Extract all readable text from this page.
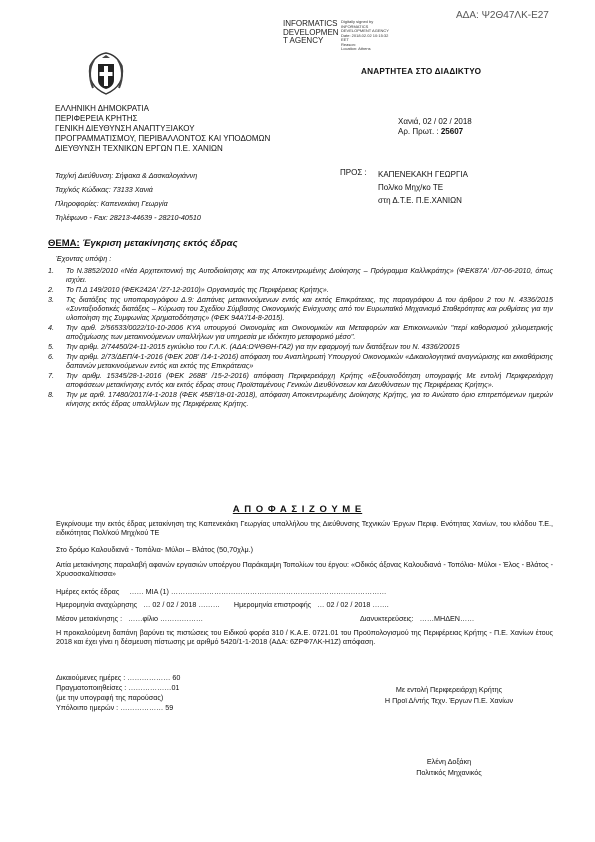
ΑΔΑ: Ψ2Θ47ΛΚ-Ε27
INFORMATICS
DEVELOPMEN
T AGENCY
Digitally signed by
INFORMATICS
DEVELOPMENT AGENCY
Date: 2018.02.02 10:15:32
EET
Reason:
Location: Athens
ΑΝΑΡΤΗΤΕΑ ΣΤΟ ΔΙΑΔΙΚΤΥΟ
ΕΛΛΗΝΙΚΗ ΔΗΜΟΚΡΑΤΙΑ
ΠΕΡΙΦΕΡΕΙΑ ΚΡΗΤΗΣ
ΓΕΝΙΚΗ ΔΙΕΥΘΥΝΣΗ ΑΝΑΠΤΥΞΙΑΚΟΥ
ΠΡΟΓΡΑΜΜΑΤΙΣΜΟΥ, ΠΕΡΙΒΑΛΛΟΝΤΟΣ ΚΑΙ ΥΠΟΔΟΜΩΝ
ΔΙΕΥΘΥΝΣΗ ΤΕΧΝΙΚΩΝ ΕΡΓΩΝ Π.Ε. ΧΑΝΙΩΝ
Χανιά, 02 / 02 / 2018
Αρ. Πρωτ. : 25607
Ταχ/κή Διεύθυνση: Σήφακα & Δασκαλογιάννη
Ταχ/κός Κώδικας: 73133 Χανιά
Πληροφορίες: Καπενεκάκη Γεωργία
Τηλέφωνο - Fax: 28213-44639 - 28210-40510
ΠΡΟΣ : ΚΑΠΕΝΕΚΑΚΗ ΓΕΩΡΓΙΑ
Πολ/κο Μηχ/κο ΤΕ
στη Δ.Τ.Ε. Π.Ε.ΧΑΝΙΩΝ
ΘΕΜΑ: Έγκριση μετακίνησης εκτός έδρας
Έχοντας υπόψη :
1.	Το Ν.3852/2010 «Νέα Αρχιτεκτονική της Αυτοδιοίκησης και της Αποκεντρωμένης Διοίκησης – Πρόγραμμα Καλλικράτης» (ΦΕΚ87Α' /07-06-2010, όπως ισχύει.
2.	Το Π.Δ 149/2010 (ΦΕΚ242Α' /27-12-2010)» Οργανισμός της Περιφέρειας Κρήτης».
3.	Τις διατάξεις της υποπαραγράφου Δ.9: Δαπάνες μετακινούμενων εντός και εκτός Επικράτειας, της παραγράφου Δ του άρθρου 2 του Ν. 4336/2015 «Συνταξιοδοτικές διατάξεις – Κύρωση του Σχεδίου Σύμβασης Οικονομικής Ενίσχυσης από τον Ευρωπαϊκό Μηχανισμό Σταθερότητας και ρυθμίσεις για την υλοποίηση της Συμφωνίας Χρηματοδότησης» (ΦΕΚ 94Α'/14-8-2015).
4.	Την αριθ. 2/56533/0022/10-10-2006 ΚΥΑ υπουργού Οικονομίας και Οικονομικών και Μεταφορών και Επικοινωνιών "περί καθορισμού χιλιομετρικής αποζημίωσης των μετακινούμενων υπαλλήλων για υπηρεσία με ιδιόκτητο μεταφορικό μέσο".
5.	Την αριθμ. 2/74450/24-11-2015 εγκύκλιο του Γ.Λ.Κ. (ΑΔΑ:ΩΨΘΘΗ-ΓΑ2) για την εφαρμογή των διατάξεων του Ν. 4336/20015
6.	Την αριθμ. 2/73/ΔΕΠ/4-1-2016 (ΦΕΚ 20Β' /14-1-2016) απόφαση του Αναπληρωτή Υπουργού Οικονομικών «Δικαιολογητικά αναγνώρισης και εκκαθάρισης δαπανών μετακινούμενων εντός και εκτός της Επικράτειας»
7.	Την αριθμ. 15345/28-1-2016 (ΦΕΚ 268Β' /15-2-2016) απόφαση Περιφερειάρχη Κρήτης «Εξουσιοδότηση υπογραφής Με εντολή Περιφερειάρχη αποφάσεων μετακίνησης εντός και εκτός έδρας στους Προϊσταμένους Γενικών Διευθύνσεων και Διευθύνσεων της Περιφέρειας Κρήτης».
8.	Την με αριθ. 17480/2017/4-1-2018 (ΦΕΚ 45Β'/18-01-2018), απόφαση Αποκεντρωμένης Διοίκησης Κρήτης, για το Ανώτατο όριο επιτρεπόμενων ημερών κίνησης εκτός έδρας υπαλλήλων της Περιφέρειας Κρήτης.
Α Π Ο Φ Α Σ Ι Ζ Ο Υ Μ Ε
Εγκρίνουμε την εκτός έδρας μετακίνηση της Καπενεκάκη Γεωργίας υπαλλήλου της Διεύθυνσης Τεχνικών Έργων Περιφ. Ενότητας Χανίων, του κλάδου Τ.Ε., ειδικότητας Πολ/κού Μηχ/κού ΤΕ
Στο δρόμο Καλουδιανά - Τοπόλια- Μύλοι – Βλάτος (50,70χλμ.)
Αιτία μετακίνησης παραλαβή αφανών εργασιών υποέργου Παράκαμψη Τοπολίων του έργου: «Οδικός άξονας Καλουδιανά - Τοπόλια- Μύλοι - Έλος - Βλάτος - Χρυσοσκαλίτισσα»
Ημέρες εκτός έδρας …… ΜΙΑ (1) ………………………………………………………………………………
Ημερομηνία αναχώρησης … 02 / 02 / 2018 ……… Ημερομηνία επιστροφής … 02 / 02 / 2018 …….
Μέσον μετακίνησης : ……φίλιο ………………	Διανυκτερεύσεις: ……ΜΗΔΕΝ……
Η προκαλούμενη δαπάνη βαρύνει τις πιστώσεις του Ειδικού φορέα 310 / Κ.Α.Ε. 0721.01 του Προϋπολογισμού της Περιφέρειας Κρήτης - Π.Ε. Χανίων έτους 2018 και έχει γίνει η δέσμευση πίστωσης με αριθμό 5420/1-1-2018 (ΑΔΑ: 6ΖΡΦ7ΛΚ-Η1Ζ) απόφαση.
Δικαιούμενες ημέρες : ……………… 60
Πραγματοποιηθείσες : ………………01
(με την υπογραφή της παρούσας)
Υπόλοιπο ημερών : ……………… 59
Με εντολή Περιφερειάρχη Κρήτης
Η Προϊ Δ/ντής Τεχν. Έργων Π.Ε. Χανίων
Ελένη Δοξάκη
Πολιτικός Μηχανικός
